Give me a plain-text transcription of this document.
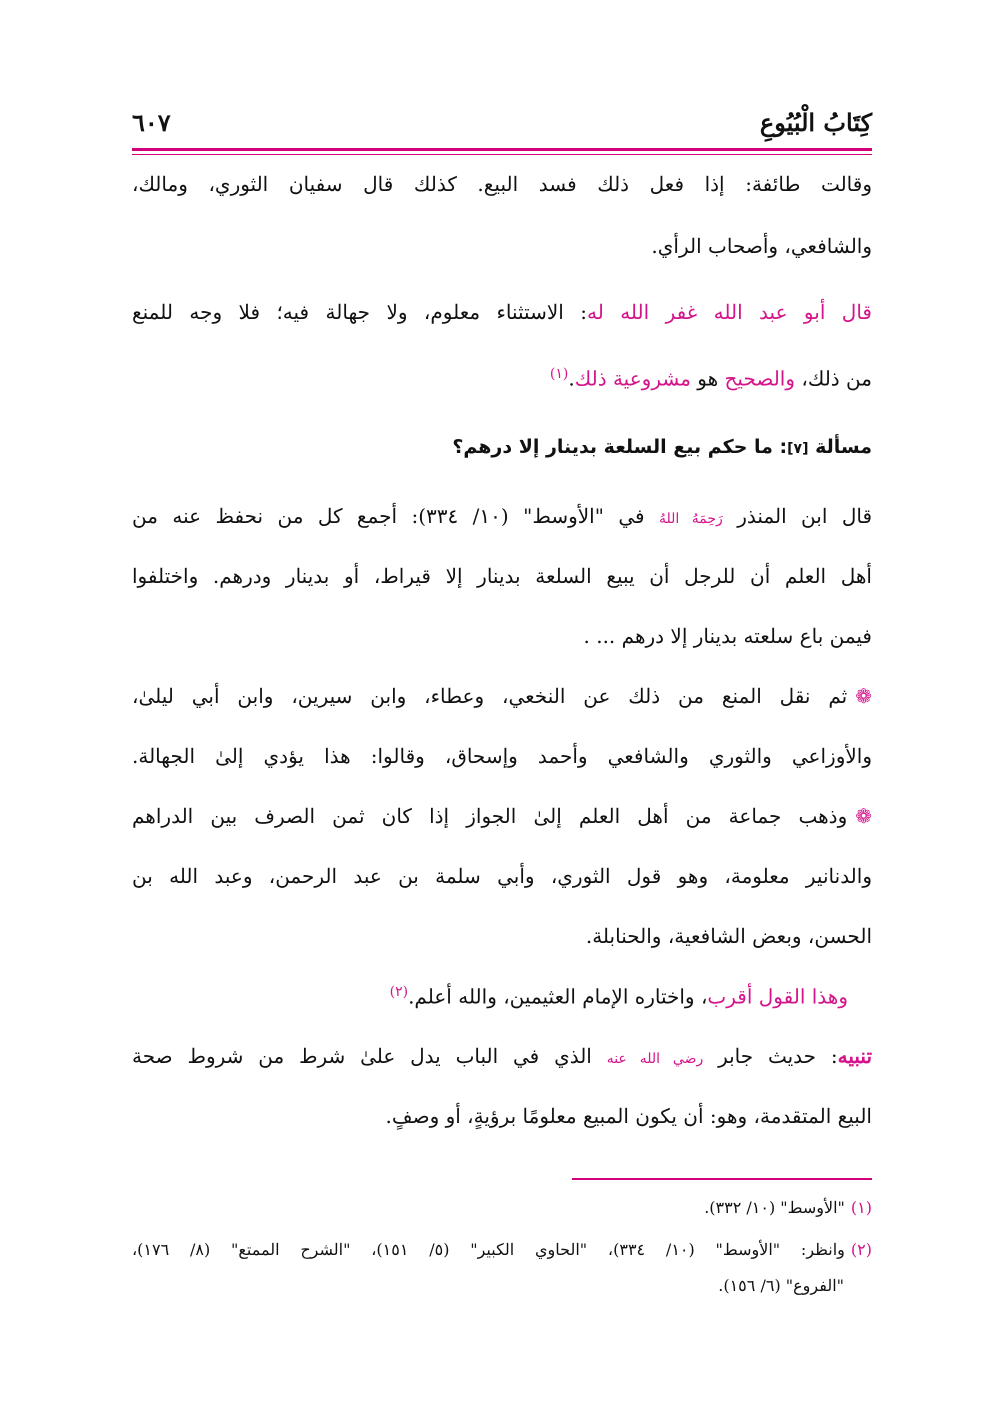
كِتَابُ الْبُيُوعِ
٦٠٧
وقالت طائفة: إذا فعل ذلك فسد البيع. كذلك قال سفيان الثوري، ومالك،
والشافعي، وأصحاب الرأي.
قال أبو عبد الله غفر الله له: الاستثناء معلوم، ولا جهالة فيه؛ فلا وجه للمنع
من ذلك، والصحيح هو مشروعية ذلك.$^{(١)}$
مسألة [٧]: ما حكم بيع السلعة بدينار إلا درهم؟
قال ابن المنذر رَحِمَهُ اللهُ في "الأوسط" (١٠/ ٣٣٤): أجمع كل من نحفظ عنه من
أهل العلم أن للرجل أن يبيع السلعة بدينار إلا قيراط، أو بدينار ودرهم. واختلفوا
فيمن باع سلعته بدينار إلا درهم ... .
❁ثم نقل المنع من ذلك عن النخعي، وعطاء، وابن سيرين، وابن أبي ليلىٰ،
والأوزاعي والثوري والشافعي وأحمد وإسحاق، وقالوا: هذا يؤدي إلىٰ الجهالة.
❁وذهب جماعة من أهل العلم إلىٰ الجواز إذا كان ثمن الصرف بين الدراهم
والدنانير معلومة، وهو قول الثوري، وأبي سلمة بن عبد الرحمن، وعبد الله بن
الحسن، وبعض الشافعية، والحنابلة.
وهذا القول أقرب، واختاره الإمام العثيمين، والله أعلم.$^{(٢)}$
تنبيه: حديث جابر رضي الله عنه الذي في الباب يدل علىٰ شرط من شروط صحة
البيع المتقدمة، وهو: أن يكون المبيع معلومًا برؤيةٍ، أو وصفٍ.
(١)"الأوسط" (١٠/ ٣٣٢).
(٢)وانظر: "الأوسط" (١٠/ ٣٣٤)، "الحاوي الكبير" (٥/ ١٥١)، "الشرح الممتع" (٨/ ١٧٦)،
"الفروع" (٦/ ١٥٦).
